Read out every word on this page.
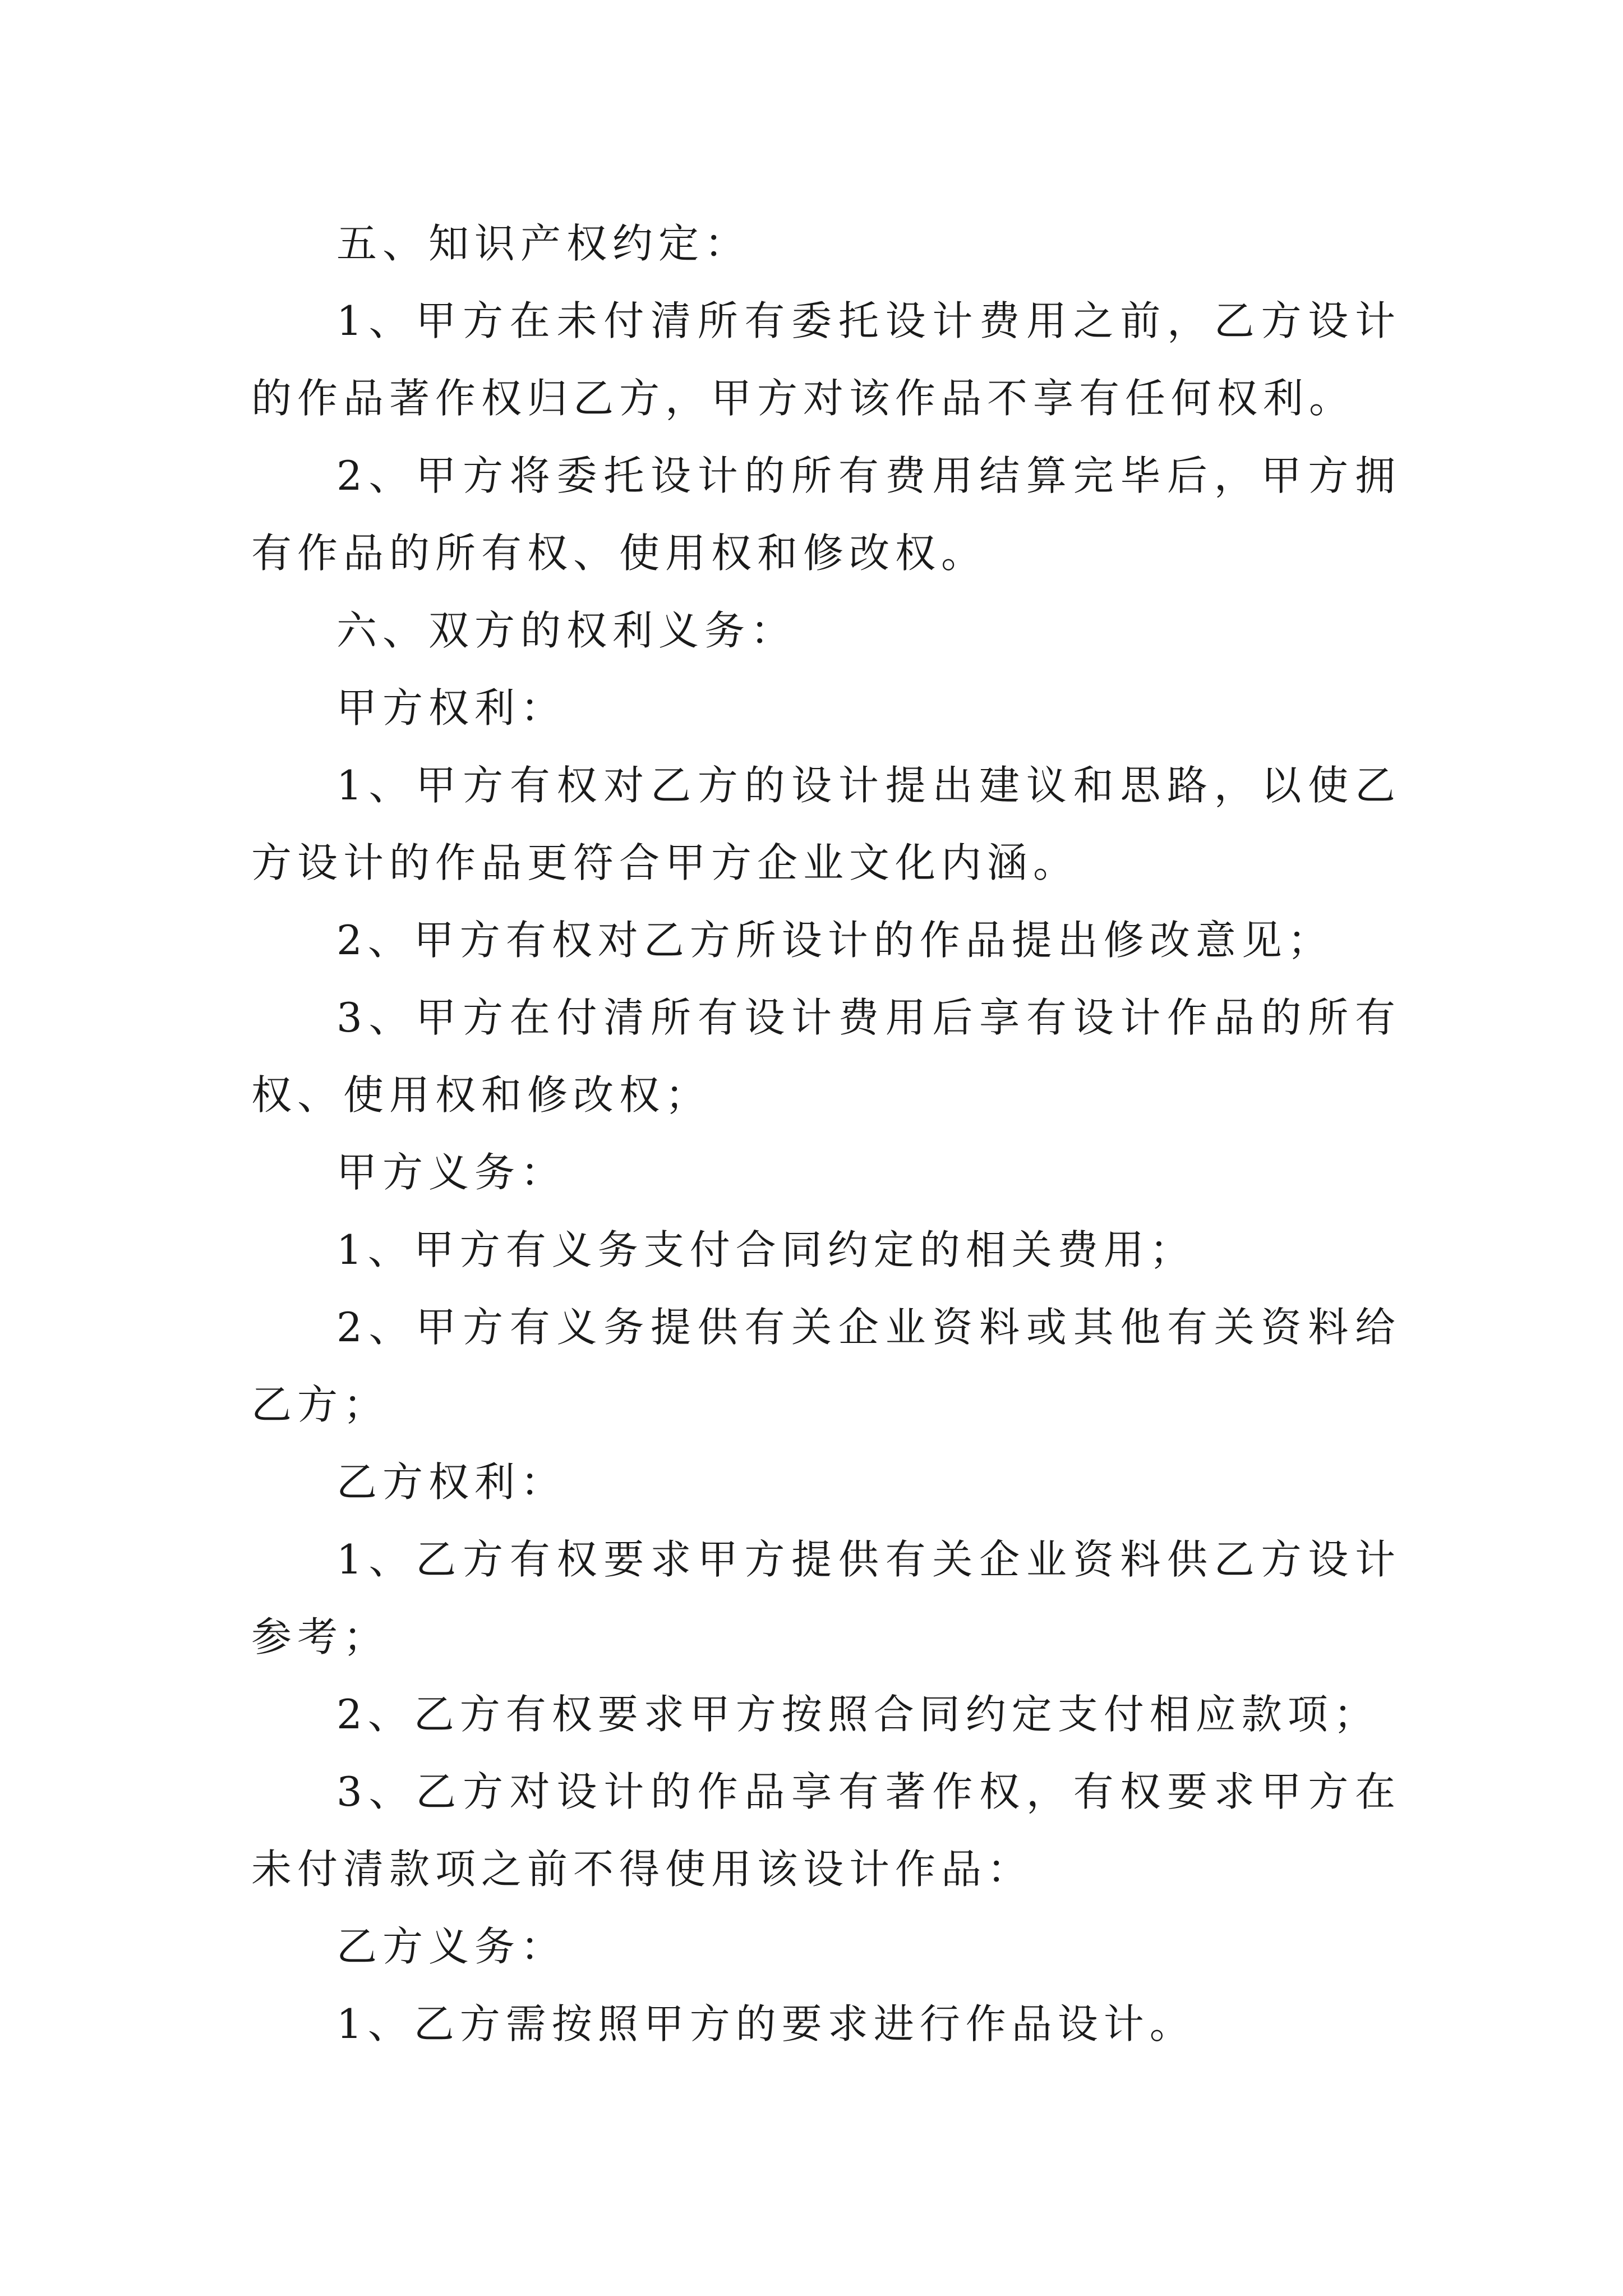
五、知识产权约定：

1、甲方在未付清所有委托设计费用之前，乙方设计的作品著作权归乙方，甲方对该作品不享有任何权利。

2、甲方将委托设计的所有费用结算完毕后，甲方拥有作品的所有权、使用权和修改权。

六、双方的权利义务：

甲方权利：

1、甲方有权对乙方的设计提出建议和思路，以使乙方设计的作品更符合甲方企业文化内涵。

2、甲方有权对乙方所设计的作品提出修改意见；

3、甲方在付清所有设计费用后享有设计作品的所有权、使用权和修改权；

甲方义务：

1、甲方有义务支付合同约定的相关费用；

2、甲方有义务提供有关企业资料或其他有关资料给乙方；

乙方权利：

1、乙方有权要求甲方提供有关企业资料供乙方设计参考；

2、乙方有权要求甲方按照合同约定支付相应款项；

3、乙方对设计的作品享有著作权，有权要求甲方在未付清款项之前不得使用该设计作品：

乙方义务：

1、乙方需按照甲方的要求进行作品设计。
